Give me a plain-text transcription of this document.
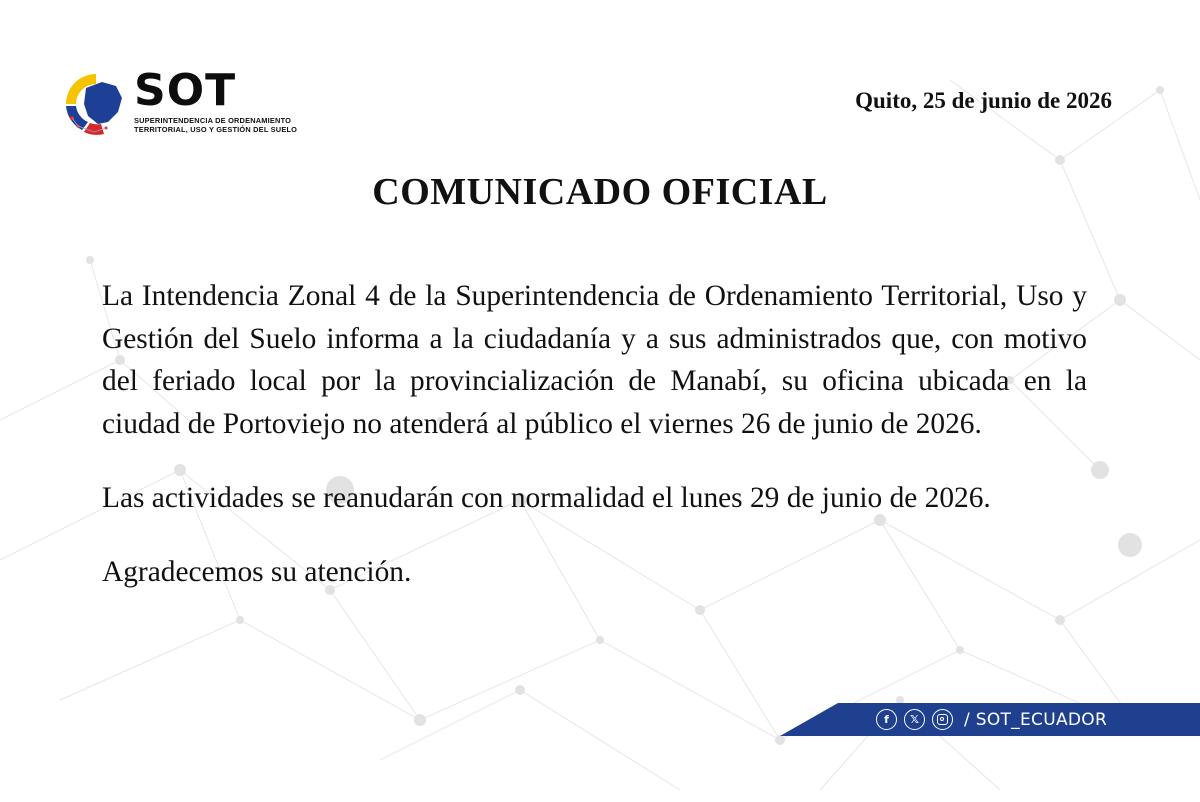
SOT
SUPERINTENDENCIA DE ORDENAMIENTO
TERRITORIAL, USO Y GESTIÓN DEL SUELO
Quito, 25 de junio de 2026
COMUNICADO OFICIAL

La Intendencia Zonal 4 de la Superintendencia de Ordenamiento Territorial, Uso y Gestión del Suelo informa a la ciudadanía y a sus administrados que, con motivo del feriado local por la provincialización de Manabí, su oficina ubicada en la ciudad de Portoviejo no atenderá al público el viernes 26 de junio de 2026.

Las actividades se reanudarán con normalidad el lunes 29 de junio de 2026.

Agradecemos su atención.

f	𝕏	/ SOT_ECUADOR
